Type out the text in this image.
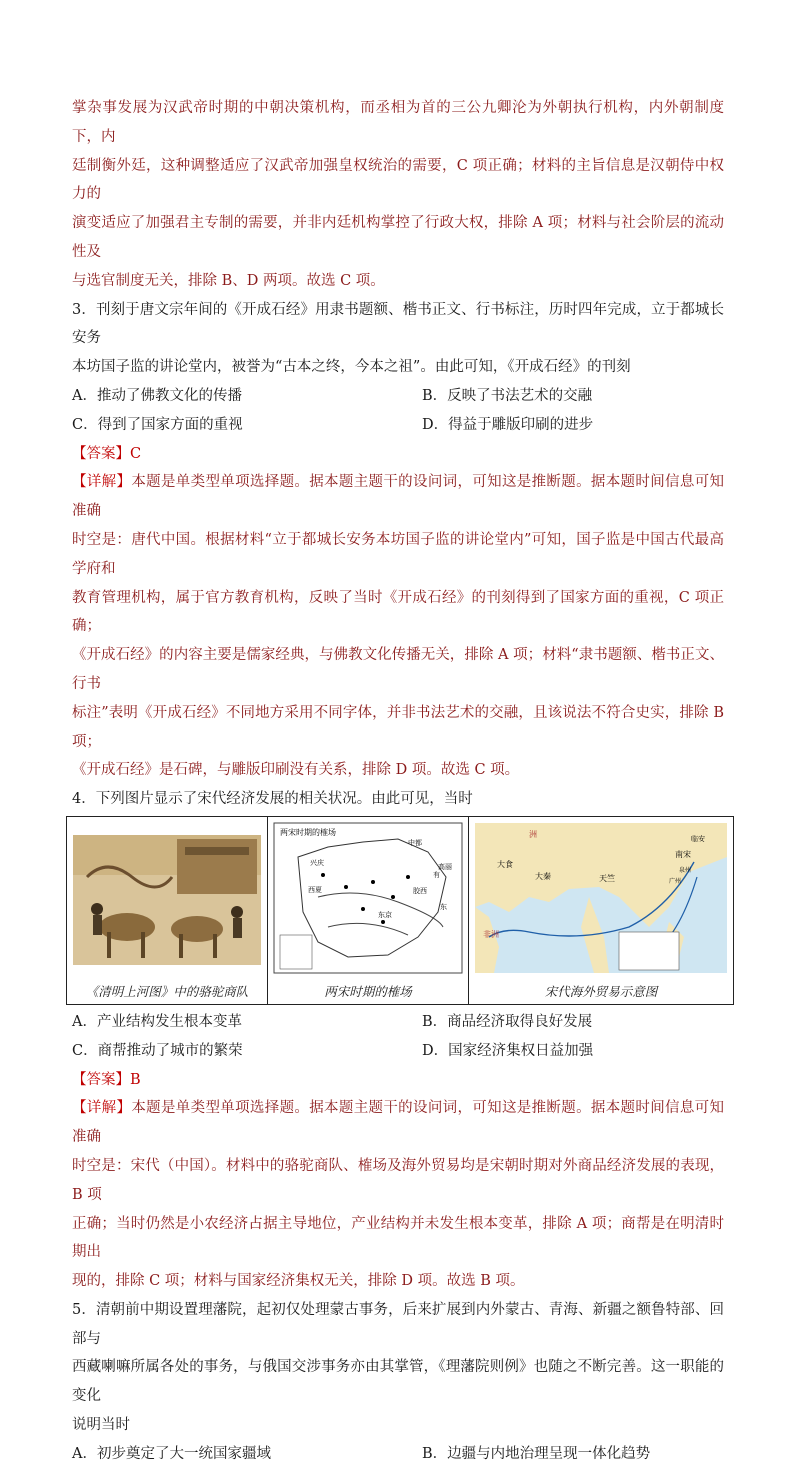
掌杂事发展为汉武帝时期的中朝决策机构，而丞相为首的三公九卿沦为外朝执行机构，内外朝制度下，内
廷制衡外廷，这种调整适应了汉武帝加强皇权统治的需要，C 项正确；材料的主旨信息是汉朝侍中权力的
演变适应了加强君主专制的需要，并非内廷机构掌控了行政大权，排除 A 项；材料与社会阶层的流动性及
与选官制度无关，排除 B、D 两项。故选 C 项。

3．刊刻于唐文宗年间的《开成石经》用隶书题额、楷书正文、行书标注，历时四年完成，立于都城长安务
本坊国子监的讲论堂内，被誉为“古本之终，今本之祖”。由此可知，《开成石经》的刊刻

A．推动了佛教文化的传播	B．反映了书法艺术的交融
C．得到了国家方面的重视	D．得益于雕版印刷的进步

【答案】C

【详解】本题是单类型单项选择题。据本题主题干的设问词，可知这是推断题。据本题时间信息可知准确
时空是：唐代中国。根据材料“立于都城长安务本坊国子监的讲论堂内”可知，国子监是中国古代最高学府和
教育管理机构，属于官方教育机构，反映了当时《开成石经》的刊刻得到了国家方面的重视，C 项正确；
《开成石经》的内容主要是儒家经典，与佛教文化传播无关，排除 A 项；材料“隶书题额、楷书正文、行书
标注”表明《开成石经》不同地方采用不同字体，并非书法艺术的交融，且该说法不符合史实，排除 B 项；
《开成石经》是石碑，与雕版印刷没有关系，排除 D 项。故选 C 项。

4．下列图片显示了宋代经济发展的相关状况。由此可见，当时

《清明上河图》中的骆驼商队
两宋时期的榷场
兴庆
中都
东京
胶西
高丽
西夏
东
有
两宋时期的榷场
临安
南宋
泉州
广州
大食
大秦	天竺
非洲
洲
宋代海外贸易示意图
A．产业结构发生根本变革	B．商品经济取得良好发展
C．商帮推动了城市的繁荣	D．国家经济集权日益加强

【答案】B

【详解】本题是单类型单项选择题。据本题主题干的设问词，可知这是推断题。据本题时间信息可知准确
时空是：宋代（中国）。材料中的骆驼商队、榷场及海外贸易均是宋朝时期对外商品经济发展的表现，B 项
正确；当时仍然是小农经济占据主导地位，产业结构并未发生根本变革，排除 A 项；商帮是在明清时期出
现的，排除 C 项；材料与国家经济集权无关，排除 D 项。故选 B 项。

5．清朝前中期设置理藩院，起初仅处理蒙古事务，后来扩展到内外蒙古、青海、新疆之额鲁特部、回部与
西藏喇嘛所属各处的事务，与俄国交涉事务亦由其掌管，《理藩院则例》也随之不断完善。这一职能的变化
说明当时

A．初步奠定了大一统国家疆域	B．边疆与内地治理呈现一体化趋势
